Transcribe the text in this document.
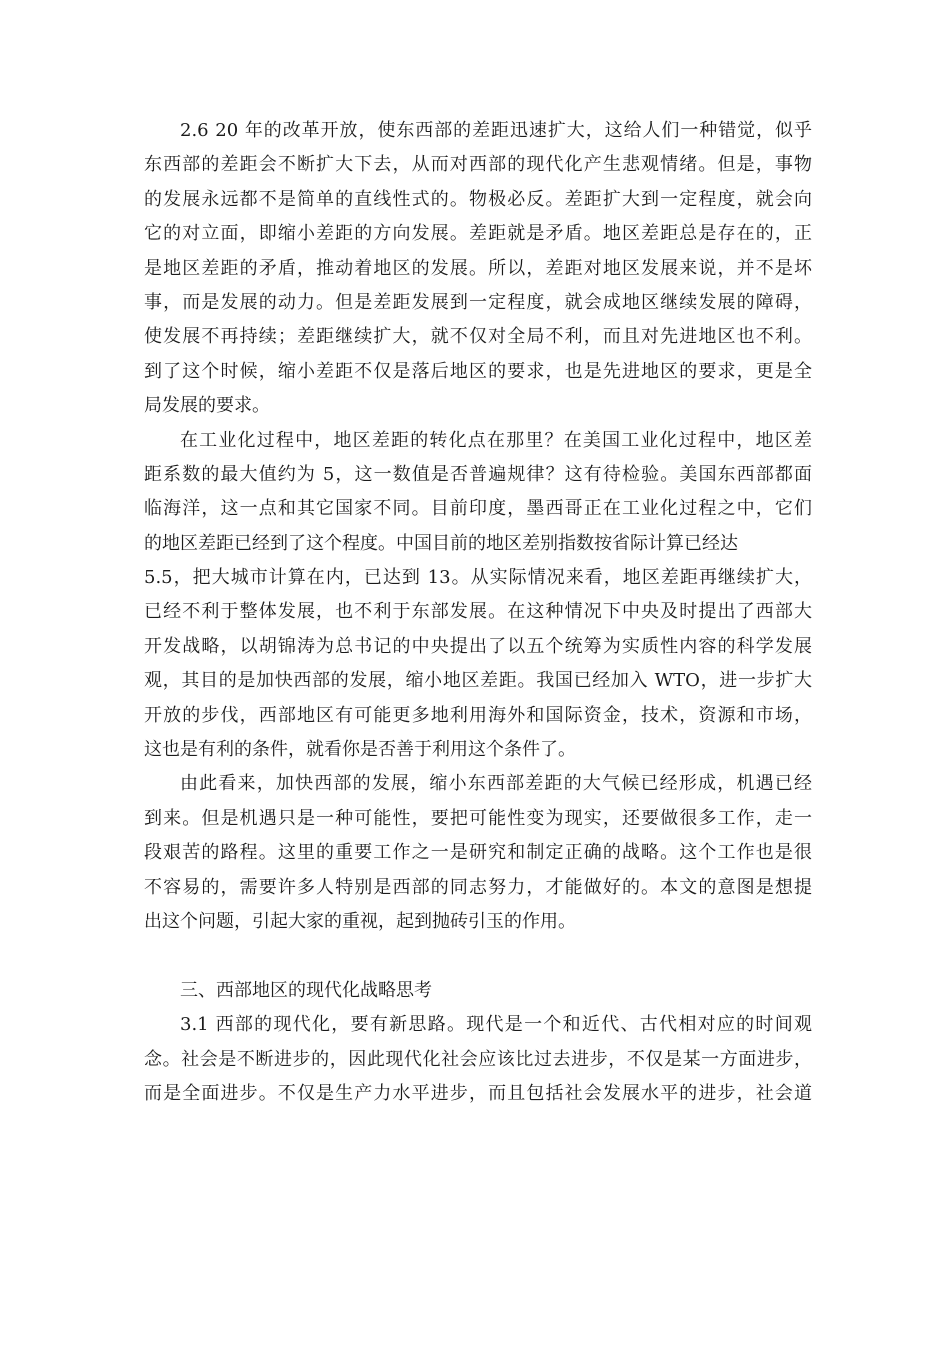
2.6 20 年的改革开放，使东西部的差距迅速扩大，这给人们一种错觉，似乎
东西部的差距会不断扩大下去，从而对西部的现代化产生悲观情绪。但是，事物
的发展永远都不是简单的直线性式的。物极必反。差距扩大到一定程度，就会向
它的对立面，即缩小差距的方向发展。差距就是矛盾。地区差距总是存在的，正
是地区差距的矛盾，推动着地区的发展。所以，差距对地区发展来说，并不是坏
事，而是发展的动力。但是差距发展到一定程度，就会成地区继续发展的障碍，
使发展不再持续；差距继续扩大，就不仅对全局不利，而且对先进地区也不利。
到了这个时候，缩小差距不仅是落后地区的要求，也是先进地区的要求，更是全
局发展的要求。
在工业化过程中，地区差距的转化点在那里？在美国工业化过程中，地区差
距系数的最大值约为 5，这一数值是否普遍规律？这有待检验。美国东西部都面
临海洋，这一点和其它国家不同。目前印度，墨西哥正在工业化过程之中，它们
的地区差距已经到了这个程度。中国目前的地区差别指数按省际计算已经达
5.5，把大城市计算在内，已达到 13。从实际情况来看，地区差距再继续扩大，
已经不利于整体发展，也不利于东部发展。在这种情况下中央及时提出了西部大
开发战略，以胡锦涛为总书记的中央提出了以五个统筹为实质性内容的科学发展
观，其目的是加快西部的发展，缩小地区差距。我国已经加入 WTO，进一步扩大
开放的步伐，西部地区有可能更多地利用海外和国际资金，技术，资源和市场，
这也是有利的条件，就看你是否善于利用这个条件了。
由此看来，加快西部的发展，缩小东西部差距的大气候已经形成，机遇已经
到来。但是机遇只是一种可能性，要把可能性变为现实，还要做很多工作，走一
段艰苦的路程。这里的重要工作之一是研究和制定正确的战略。这个工作也是很
不容易的，需要许多人特别是西部的同志努力，才能做好的。本文的意图是想提
出这个问题，引起大家的重视，起到抛砖引玉的作用。
三、西部地区的现代化战略思考
3.1 西部的现代化，要有新思路。现代是一个和近代、古代相对应的时间观
念。社会是不断进步的，因此现代化社会应该比过去进步，不仅是某一方面进步，
而是全面进步。不仅是生产力水平进步，而且包括社会发展水平的进步，社会道
